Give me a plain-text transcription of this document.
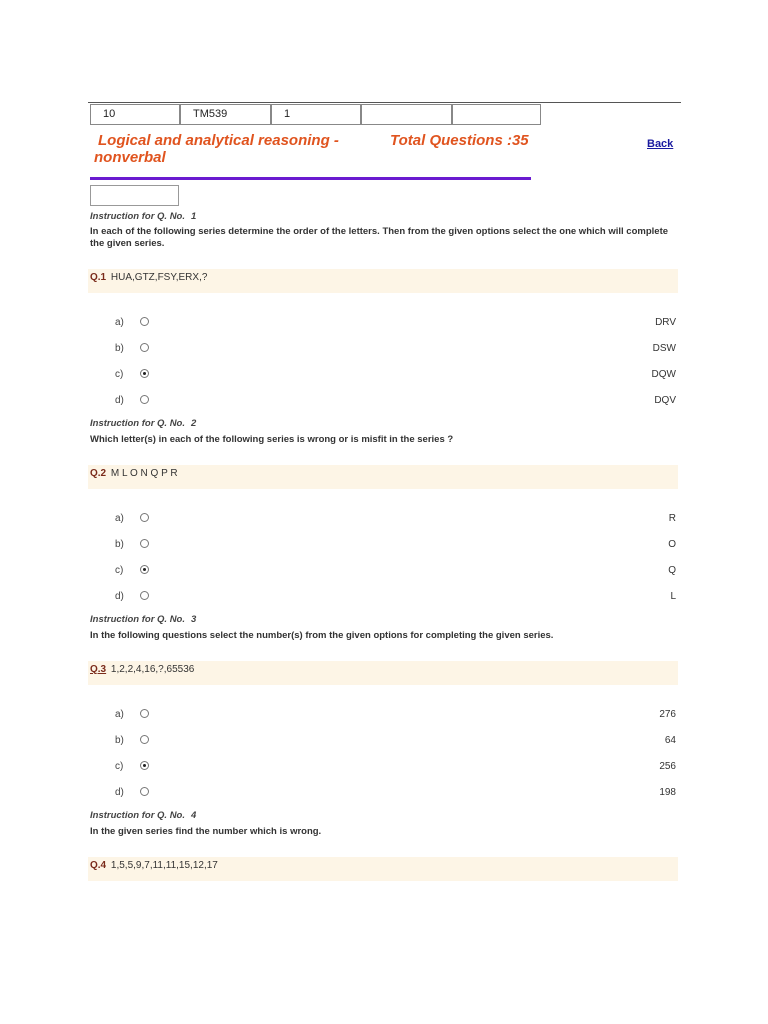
10	TM539	1
Logical and analytical reasoning -
nonverbal
Total Questions :35	Back
Instruction for Q. No. 1
In each of the following series determine the order of the letters. Then from the given options select the one which will complete the given series.
Q.1 HUA,GTZ,FSY,ERX,?
a)	DRV
b)	DSW
c)	DQW
d)	DQV
Instruction for Q. No. 2
Which letter(s) in each of the following series is wrong or is misfit in the series ?
Q.2 M L O N Q P R
a)	R
b)	O
c)	Q
d)	L
Instruction for Q. No. 3
In the following questions select the number(s) from the given options for completing the given series.
Q.3 1,2,2,4,16,?,65536
a)	276
b)	64
c)	256
d)	198
Instruction for Q. No. 4
In the given series find the number which is wrong.
Q.4 1,5,5,9,7,11,11,15,12,17
